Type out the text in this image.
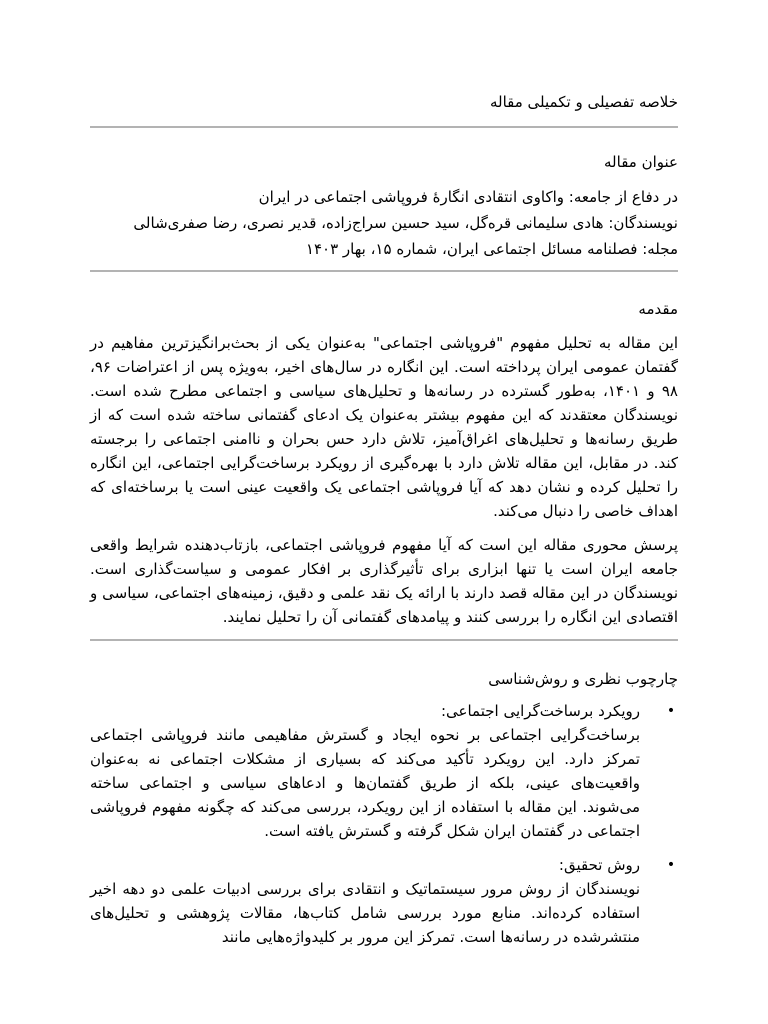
خلاصه تفصیلی و تکمیلی مقاله
عنوان مقاله

در دفاع از جامعه: واکاوی انتقادی انگارهٔ فروپاشی اجتماعی در ایران

نویسندگان: هادی سلیمانی قره‌گل، سید حسین سراج‌زاده، قدیر نصری، رضا صفری‌شالی

مجله: فصلنامه مسائل اجتماعی ایران، شماره ۱۵، بهار ۱۴۰۳

مقدمه

این مقاله به تحلیل مفهوم "فروپاشی اجتماعی" به‌عنوان یکی از بحث‌برانگیزترین مفاهیم در گفتمان عمومی ایران پرداخته است. این انگاره در سال‌های اخیر، به‌ویژه پس از اعتراضات ۹۶، ۹۸ و ۱۴۰۱، به‌طور گسترده در رسانه‌ها و تحلیل‌های سیاسی و اجتماعی مطرح شده است. نویسندگان معتقدند که این مفهوم بیشتر به‌عنوان یک ادعای گفتمانی ساخته شده است که از طریق رسانه‌ها و تحلیل‌های اغراق‌آمیز، تلاش دارد حس بحران و ناامنی اجتماعی را برجسته کند. در مقابل، این مقاله تلاش دارد با بهره‌گیری از رویکرد برساخت‌گرایی اجتماعی، این انگاره را تحلیل کرده و نشان دهد که آیا فروپاشی اجتماعی یک واقعیت عینی است یا برساخته‌ای که اهداف خاصی را دنبال می‌کند.

پرسش محوری مقاله این است که آیا مفهوم فروپاشی اجتماعی، بازتاب‌دهنده شرایط واقعی جامعه ایران است یا تنها ابزاری برای تأثیرگذاری بر افکار عمومی و سیاست‌گذاری است. نویسندگان در این مقاله قصد دارند با ارائه یک نقد علمی و دقیق، زمینه‌های اجتماعی، سیاسی و اقتصادی این انگاره را بررسی کنند و پیامدهای گفتمانی آن را تحلیل نمایند.

چارچوب نظری و روش‌شناسی
•
رویکرد برساخت‌گرایی اجتماعی:
برساخت‌گرایی اجتماعی بر نحوه ایجاد و گسترش مفاهیمی مانند فروپاشی اجتماعی تمرکز دارد. این رویکرد تأکید می‌کند که بسیاری از مشکلات اجتماعی نه به‌عنوان واقعیت‌های عینی، بلکه از طریق گفتمان‌ها و ادعاهای سیاسی و اجتماعی ساخته می‌شوند. این مقاله با استفاده از این رویکرد، بررسی می‌کند که چگونه مفهوم فروپاشی اجتماعی در گفتمان ایران شکل گرفته و گسترش یافته است.
•
روش تحقیق:
نویسندگان از روش مرور سیستماتیک و انتقادی برای بررسی ادبیات علمی دو دهه اخیر استفاده کرده‌اند. منابع مورد بررسی شامل کتاب‌ها، مقالات پژوهشی و تحلیل‌های منتشرشده در رسانه‌ها است. تمرکز این مرور بر کلیدواژه‌هایی مانند
